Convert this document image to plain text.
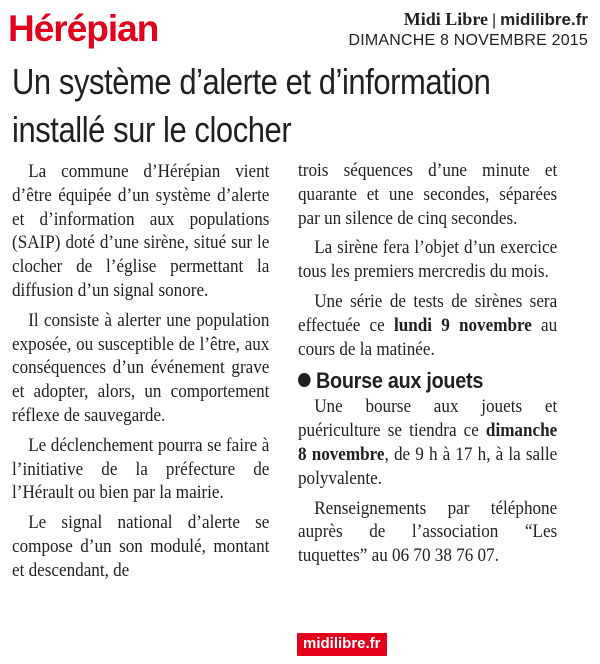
Hérépian	Midi Libre | midilibre.fr
DIMANCHE 8 NOVEMBRE 2015
Un système d’alerte et d’information
installé sur le clocher

La commune d’Hérépian vient d’être équipée d’un système d’alerte et d’information aux populations (SAIP) doté d’une sirène, situé sur le clocher de l’église permettant la diffusion d’un signal sonore.

Il consiste à alerter une population exposée, ou susceptible de l’être, aux conséquences d’un événement grave et adopter, alors, un comportement réflexe de sauvegarde.

Le déclenchement pourra se faire à l’initiative de la préfecture de l’Hérault ou bien par la mairie.

Le signal national d’alerte se compose d’un son modulé, montant et descendant, de

trois séquences d’une minute et quarante et une secondes, séparées par un silence de cinq secondes.

La sirène fera l’objet d’un exercice tous les premiers mercredis du mois.

Une série de tests de sirènes sera effectuée ce lundi 9 novembre au cours de la matinée.

Bourse aux jouets

Une bourse aux jouets et puériculture se tiendra ce dimanche 8 novembre, de 9 h à 17 h, à la salle polyvalente.

Renseignements par téléphone auprès de l’association “Les tuquettes” au 06 70 38 76 07.

midilibre.fr
